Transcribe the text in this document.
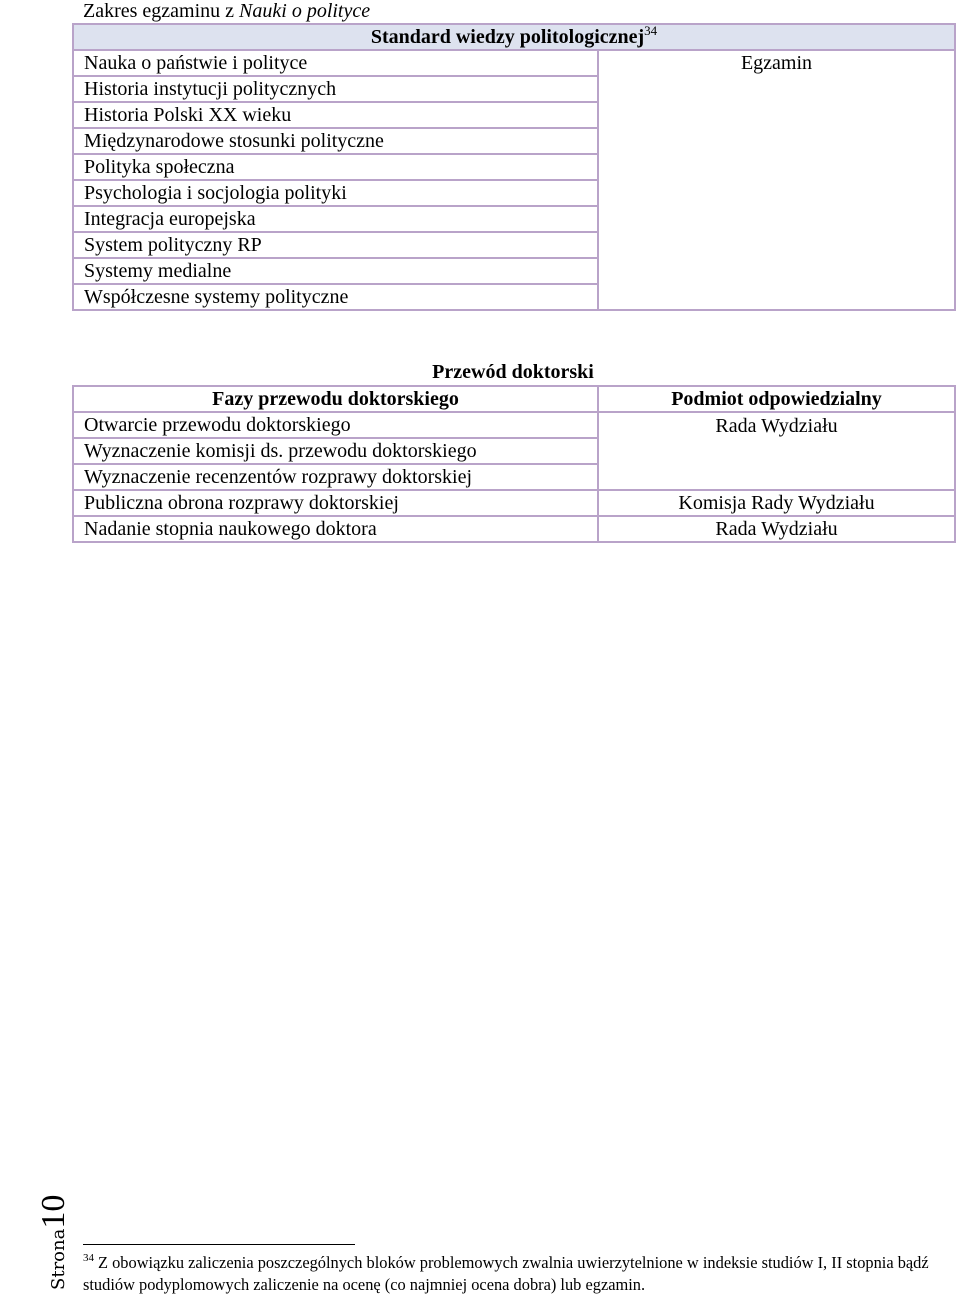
Zakres egzaminu z Nauki o polityce
Standard wiedzy politologicznej$^{34}$
Nauka o państwie i polityce	Egzamin
Historia instytucji politycznych
Historia Polski XX wieku
Międzynarodowe stosunki polityczne
Polityka społeczna
Psychologia i socjologia polityki
Integracja europejska
System polityczny RP
Systemy medialne
Współczesne systemy polityczne
Przewód doktorski
Fazy przewodu doktorskiego	Podmiot odpowiedzialny
Otwarcie przewodu doktorskiego	Rada Wydziału
Wyznaczenie komisji ds. przewodu doktorskiego	
Wyznaczenie recenzentów rozprawy doktorskiej	
Publiczna obrona rozprawy doktorskiej	Komisja Rady Wydziału
Nadanie stopnia naukowego doktora	Rada Wydziału
Strona10
$^{34}$ Z obowiązku zaliczenia poszczególnych bloków problemowych zwalnia uwierzytelnione w indeksie studiów I, II stopnia bądź studiów podyplomowych zaliczenie na ocenę (co najmniej ocena dobra) lub egzamin.
